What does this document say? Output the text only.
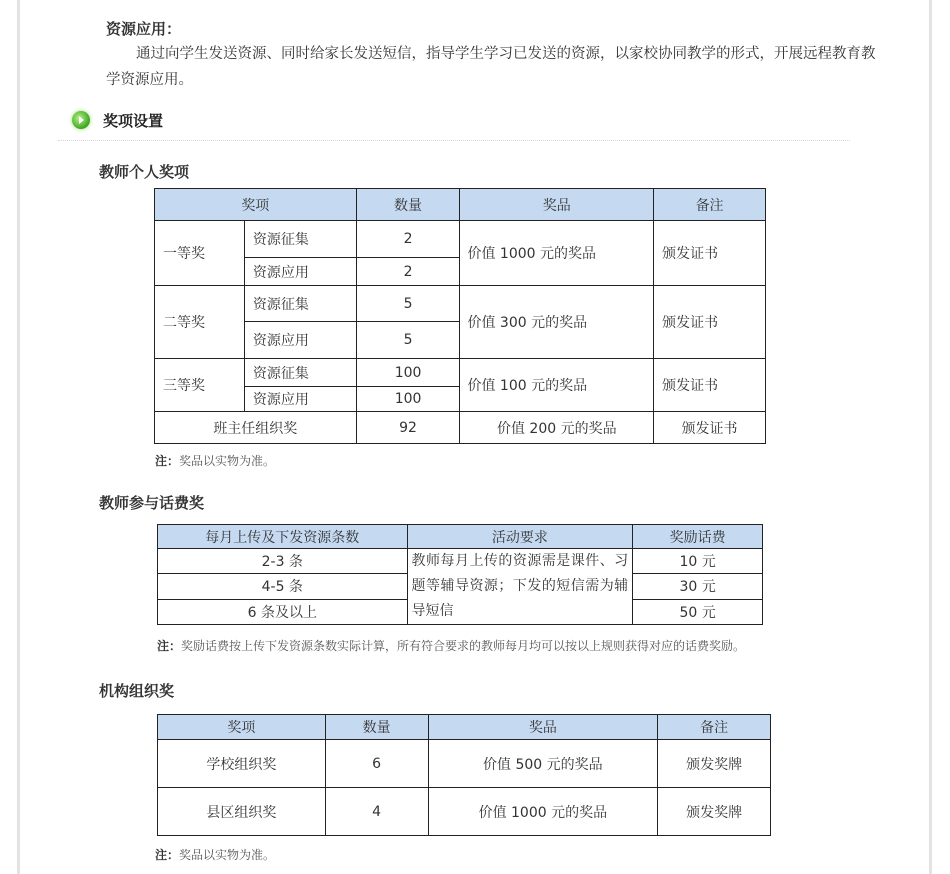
资源应用：
通过向学生发送资源、同时给家长发送短信，指导学生学习已发送的资源，以家校协同教学的形式，开展远程教育教学资源应用。
奖项设置
教师个人奖项
奖项		数量	奖品	备注
一等奖	资源征集	2	价值 1000 元的奖品	颁发证书
	资源应用	2		
二等奖	资源征集	5	价值 300 元的奖品	颁发证书
	资源应用	5		
三等奖	资源征集	100	价值 100 元的奖品	颁发证书
	资源应用	100		
班主任组织奖		92	价值 200 元的奖品	颁发证书
注：奖品以实物为准。
教师参与话费奖
每月上传及下发资源条数	活动要求	奖励话费
2-3 条	教师每月上传的资源需是课件、习题等辅导资源；下发的短信需为辅导短信	10 元
4-5 条		30 元
6 条及以上		50 元
注：奖励话费按上传下发资源条数实际计算，所有符合要求的教师每月均可以按以上规则获得对应的话费奖励。
机构组织奖
奖项	数量	奖品	备注
学校组织奖	6	价值 500 元的奖品	颁发奖牌
县区组织奖	4	价值 1000 元的奖品	颁发奖牌
注：奖品以实物为准。
